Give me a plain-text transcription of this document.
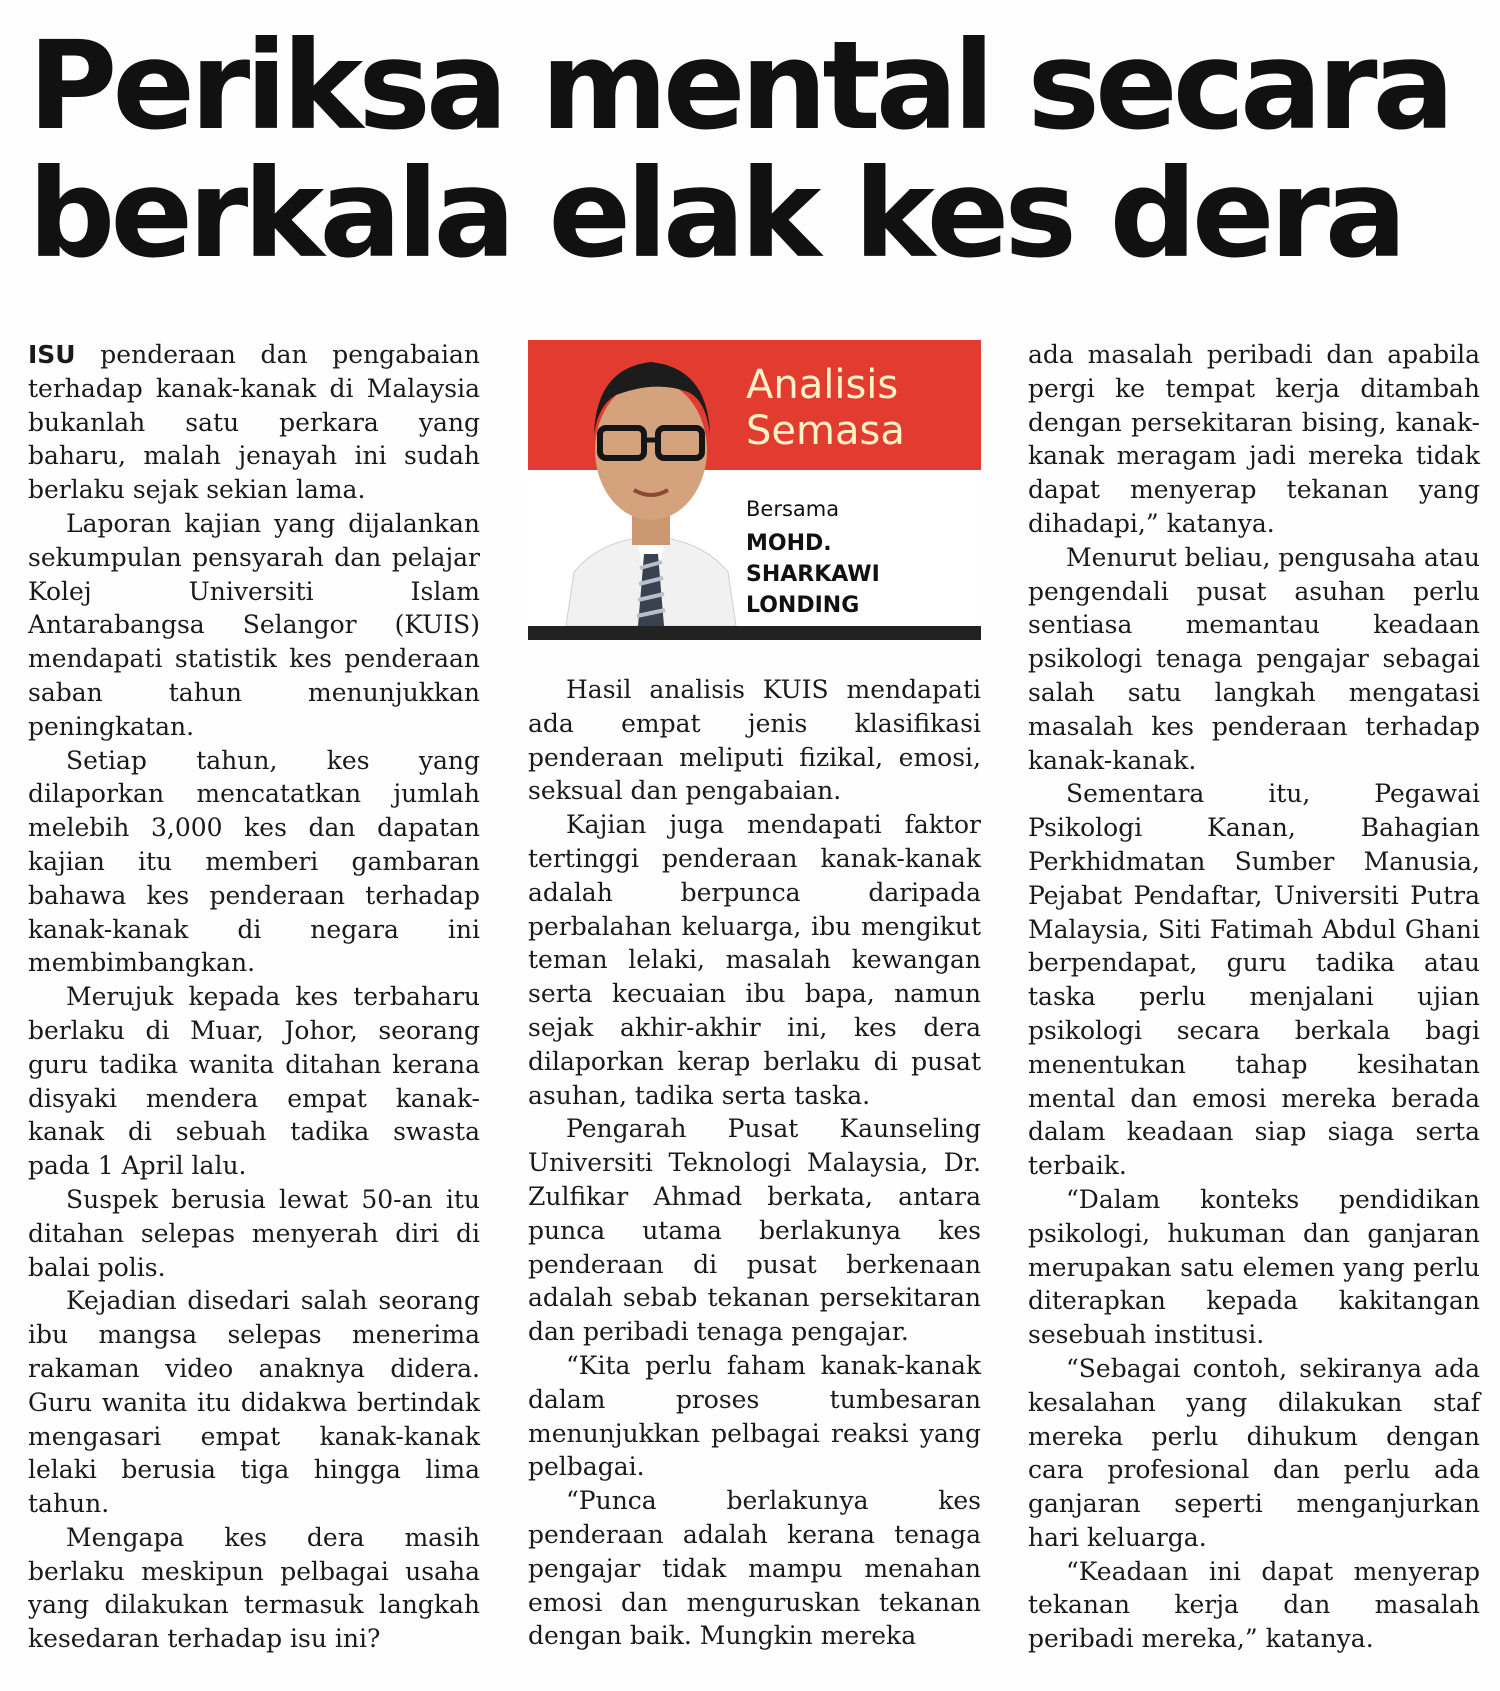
Periksa mental secara
berkala elak kes dera

ISU penderaan dan pengabaian terhadap kanak-kanak di Malaysia bukanlah satu perkara yang baharu, malah jenayah ini sudah berlaku sejak sekian lama.

Laporan kajian yang dijalankan sekumpulan pensyarah dan pelajar Kolej Universiti Islam Antarabangsa Selangor (KUIS) mendapati statistik kes penderaan saban tahun menunjukkan peningkatan.

Setiap tahun, kes yang dilaporkan mencatatkan jumlah melebih 3,000 kes dan dapatan kajian itu memberi gambaran bahawa kes penderaan terhadap kanak-kanak di negara ini membimbangkan.

Merujuk kepada kes terbaharu berlaku di Muar, Johor, seorang guru tadika wanita ditahan kerana disyaki mendera empat kanak-kanak di sebuah tadika swasta pada 1 April lalu.

Suspek berusia lewat 50-an itu ditahan selepas menyerah diri di balai polis.

Kejadian disedari salah seorang ibu mangsa selepas menerima rakaman video anaknya didera. Guru wanita itu didakwa bertindak mengasari empat kanak-kanak lelaki berusia tiga hingga lima tahun.

Mengapa kes dera masih berlaku meskipun pelbagai usaha yang dilakukan termasuk langkah kesedaran terhadap isu ini?

Analisis
Semasa
Bersama
MOHD.
SHARKAWI
LONDING

Hasil analisis KUIS mendapati ada empat jenis klasifikasi penderaan meliputi fizikal, emosi, seksual dan pengabaian.

Kajian juga mendapati faktor tertinggi penderaan kanak-kanak adalah berpunca daripada perbalahan keluarga, ibu mengikut teman lelaki, masalah kewangan serta kecuaian ibu bapa, namun sejak akhir-akhir ini, kes dera dilaporkan kerap berlaku di pusat asuhan, tadika serta taska.

Pengarah Pusat Kaunseling Universiti Teknologi Malaysia, Dr. Zulfikar Ahmad berkata, antara punca utama berlakunya kes penderaan di pusat berkenaan adalah sebab tekanan persekitaran dan peribadi tenaga pengajar.

“Kita perlu faham kanak-kanak dalam proses tumbesaran menunjukkan pelbagai reaksi yang pelbagai.

“Punca berlakunya kes penderaan adalah kerana tenaga pengajar tidak mampu menahan emosi dan menguruskan tekanan dengan baik. Mungkin mereka

ada masalah peribadi dan apabila pergi ke tempat kerja ditambah dengan persekitaran bising, kanak-kanak meragam jadi mereka tidak dapat menyerap tekanan yang dihadapi,” katanya.

Menurut beliau, pengusaha atau pengendali pusat asuhan perlu sentiasa memantau keadaan psikologi tenaga pengajar sebagai salah satu langkah mengatasi masalah kes penderaan terhadap kanak-kanak.

Sementara itu, Pegawai Psikologi Kanan, Bahagian Perkhidmatan Sumber Manusia, Pejabat Pendaftar, Universiti Putra Malaysia, Siti Fatimah Abdul Ghani berpendapat, guru tadika atau taska perlu menjalani ujian psikologi secara berkala bagi menentukan tahap kesihatan mental dan emosi mereka berada dalam keadaan siap siaga serta terbaik.

“Dalam konteks pendidikan psikologi, hukuman dan ganjaran merupakan satu elemen yang perlu diterapkan kepada kakitangan sesebuah institusi.

“Sebagai contoh, sekiranya ada kesalahan yang dilakukan staf mereka perlu dihukum dengan cara profesional dan perlu ada ganjaran seperti menganjurkan hari keluarga.

“Keadaan ini dapat menyerap tekanan kerja dan masalah peribadi mereka,” katanya.
